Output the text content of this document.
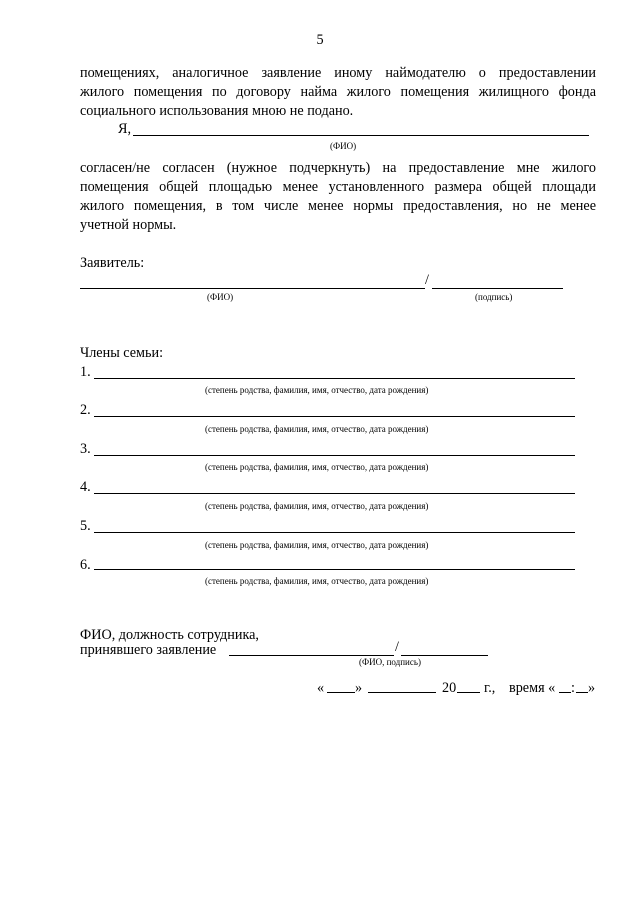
5
помещениях, аналогичное заявление иному наймодателю о предоставлении
жилого помещения по договору найма жилого помещения жилищного фонда
социального использования мною не подано.
Я,
(ФИО)
согласен/не согласен (нужное подчеркнуть) на предоставление мне жилого
помещения общей площадью менее установленного размера общей площади
жилого помещения, в том числе менее нормы предоставления, но не менее
учетной нормы.
Заявитель:
/
(ФИО)	(подпись)
Члены семьи:
1.
(степень родства, фамилия, имя, отчество, дата рождения)
2.
(степень родства, фамилия, имя, отчество, дата рождения)
3.
(степень родства, фамилия, имя, отчество, дата рождения)
4.
(степень родства, фамилия, имя, отчество, дата рождения)
5.
(степень родства, фамилия, имя, отчество, дата рождения)
6.
(степень родства, фамилия, имя, отчество, дата рождения)
ФИО, должность сотрудника,
принявшего заявление	/
(ФИО, подпись)
« »	20 г., время « : »
